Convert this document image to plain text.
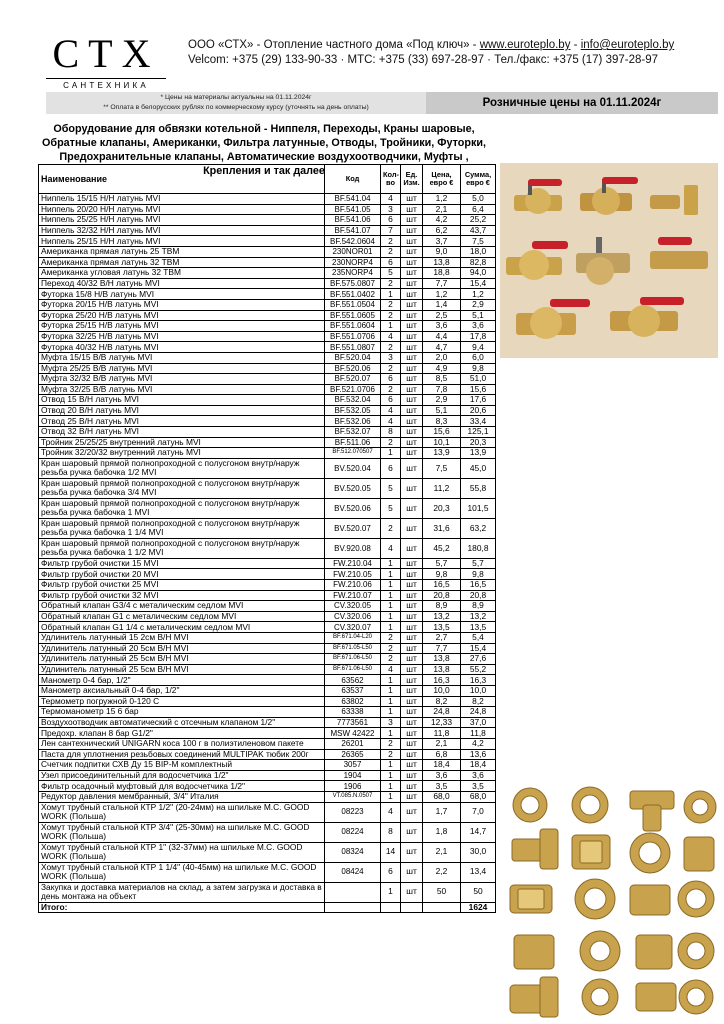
СТХ
САНТЕХНИКА
ООО «СТХ» - Отопление частного дома «Под ключ» - www.euroteplo.by - info@euroteplo.by
Velcom: +375 (29) 133-90-33 · МТС: +375 (33) 697-28-97 · Тел./факс: +375 (17) 397-28-97
* Цены на материалы актуальны на 01.11.2024г
** Оплата в белорусских рублях по коммерческому курсу (уточнять на день оплаты)	Розничные цены на 01.11.2024г
Оборудование для обвязки котельной - Ниппеля, Переходы, Краны шаровые, Обратные клапаны, Американки, Фильтра латунные, Отводы, Тройники, Футорки, Предохранительные клапаны, Автоматические воздухоотводчики, Муфты , Крепления и так далее
Наименование	Код	Кол-во	Ед. Изм.	Цена, евро €	Сумма, евро €
Ниппель 15/15 Н/Н латунь MVI	BF.541.04	4	шт	1,2	5,0
Ниппель 20/20 Н/Н латунь MVI	BF.541.05	3	шт	2,1	6,4
Ниппель 25/25 Н/Н латунь MVI	BF.541.06	6	шт	4,2	25,2
Ниппель 32/32 Н/Н латунь MVI	BF.541.07	7	шт	6,2	43,7
Ниппель 25/15 Н/Н латунь MVI	BF.542.0604	2	шт	3,7	7,5
Американка прямая латунь 25 TBM	230NOR01	2	шт	9,0	18,0
Американка прямая латунь 32 TBM	230NORP4	6	шт	13,8	82,8
Американка угловая латунь 32 TBM	235NORP4	5	шт	18,8	94,0
Переход 40/32 В/Н латунь MVI	BF.575.0807	2	шт	7,7	15,4
Футорка 15/8 Н/В латунь MVI	BF.551.0402	1	шт	1,2	1,2
Футорка 20/15 Н/В латунь MVI	BF.551.0504	2	шт	1,4	2,9
Футорка 25/20 Н/В латунь MVI	BF.551.0605	2	шт	2,5	5,1
Футорка 25/15 Н/В латунь MVI	BF.551.0604	1	шт	3,6	3,6
Футорка 32/25 Н/В латунь MVI	BF.551.0706	4	шт	4,4	17,8
Футорка 40/32 Н/В латунь MVI	BF.551.0807	2	шт	4,7	9,4
Муфта 15/15 В/В латунь MVI	BF.520.04	3	шт	2,0	6,0
Муфта 25/25 В/В латунь MVI	BF.520.06	2	шт	4,9	9,8
Муфта 32/32 В/В латунь MVI	BF.520.07	6	шт	8,5	51,0
Муфта 32/25 В/В латунь MVI	BF.521.0706	2	шт	7,8	15,6
Отвод 15 В/Н латунь MVI	BF.532.04	6	шт	2,9	17,6
Отвод 20 В/Н латунь MVI	BF.532.05	4	шт	5,1	20,6
Отвод 25 В/Н латунь MVI	BF.532.06	4	шт	8,3	33,4
Отвод 32 В/Н латунь MVI	BF.532.07	8	шт	15,6	125,1
Тройник 25/25/25 внутренний латунь MVI	BF.511.06	2	шт	10,1	20,3
Тройник 32/20/32 внутренний латунь MVI	BF.512.070507	1	шт	13,9	13,9
Кран шаровый прямой полнопроходной с полусгоном внутр/наруж резьба ручка бабочка 1/2 MVI	BV.520.04	6	шт	7,5	45,0
Кран шаровый прямой полнопроходной с полусгоном внутр/наруж резьба ручка бабочка 3/4 MVI	BV.520.05	5	шт	11,2	55,8
Кран шаровый прямой полнопроходной с полусгоном внутр/наруж резьба ручка бабочка 1 MVI	BV.520.06	5	шт	20,3	101,5
Кран шаровый прямой полнопроходной с полусгоном внутр/наруж резьба ручка бабочка 1 1/4 MVI	BV.520.07	2	шт	31,6	63,2
Кран шаровый прямой полнопроходной с полусгоном внутр/наруж резьба ручка бабочка 1 1/2 MVI	BV.920.08	4	шт	45,2	180,8
Фильтр грубой очистки 15 MVI	FW.210.04	1	шт	5,7	5,7
Фильтр грубой очистки 20 MVI	FW.210.05	1	шт	9,8	9,8
Фильтр грубой очистки 25 MVI	FW.210.06	1	шт	16,5	16,5
Фильтр грубой очистки 32 MVI	FW.210.07	1	шт	20,8	20,8
Обратный клапан G3/4 с металическим седлом MVI	CV.320.05	1	шт	8,9	8,9
Обратный клапан G1 с металическим седлом MVI	CV.320.06	1	шт	13,2	13,2
Обратный клапан G1 1/4 с металическим седлом MVI	CV.320.07	1	шт	13,5	13,5
Удлинитель латунный 15 2см В/Н MVI	BF.671.04-L20	2	шт	2,7	5,4
Удлинитель латунный 20 5см В/Н MVI	BF.671.05-L50	2	шт	7,7	15,4
Удлинитель латунный 25 5см В/Н MVI	BF.671.06-L50	2	шт	13,8	27,6
Удлинитель латунный 25 5см В/Н MVI	BF.671.06-L50	4	шт	13,8	55,2
Манометр 0-4 бар, 1/2"	63562	1	шт	16,3	16,3
Манометр аксиальный 0-4 бар, 1/2"	63537	1	шт	10,0	10,0
Термометр погружной 0-120 С	63802	1	шт	8,2	8,2
Термоманометр 15 6 бар	63338	1	шт	24,8	24,8
Воздухоотводчик автоматический с отсечным клапаном 1/2"	7773561	3	шт	12,33	37,0
Предохр. клапан 8 бар G1/2"	MSW 42422	1	шт	11,8	11,8
Лен сантехнический UNIGARN коса 100 г в полиэтиленовом пакете	26201	2	шт	2,1	4,2
Паста для уплотнения резьбовых соединений MULTIPAK тюбик 200г	26365	2	шт	6,8	13,6
Счетчик подпитки СХВ Ду 15 BIP-M комплектный	3057	1	шт	18,4	18,4
Узел присоединительный для водосчетчика 1/2"	1904	1	шт	3,6	3,6
Фильтр осадочный муфтовый для водосчетчика 1/2"	1906	1	шт	3,5	3,5
Редуктор давления мембранный, 3/4" Италия	VT.085.N.0507	1	шт	68,0	68,0
Хомут трубный стальной КТР 1/2" (20-24мм) на шпильке М.С. GOOD WORK (Польша)	08223	4	шт	1,7	7,0
Хомут трубный стальной КТР 3/4" (25-30мм) на шпильке М.С. GOOD WORK (Польша)	08224	8	шт	1,8	14,7
Хомут трубный стальной КТР 1" (32-37мм) на шпильке М.С. GOOD WORK (Польша)	08324	14	шт	2,1	30,0
Хомут трубный стальной КТР 1 1/4" (40-45мм) на шпильке М.С. GOOD WORK (Польша)	08424	6	шт	2,2	13,4
Закупка и доставка материалов на склад, а затем загрузка и доставка в день монтажа на объект		1	шт	50	50
Итого:					1624
